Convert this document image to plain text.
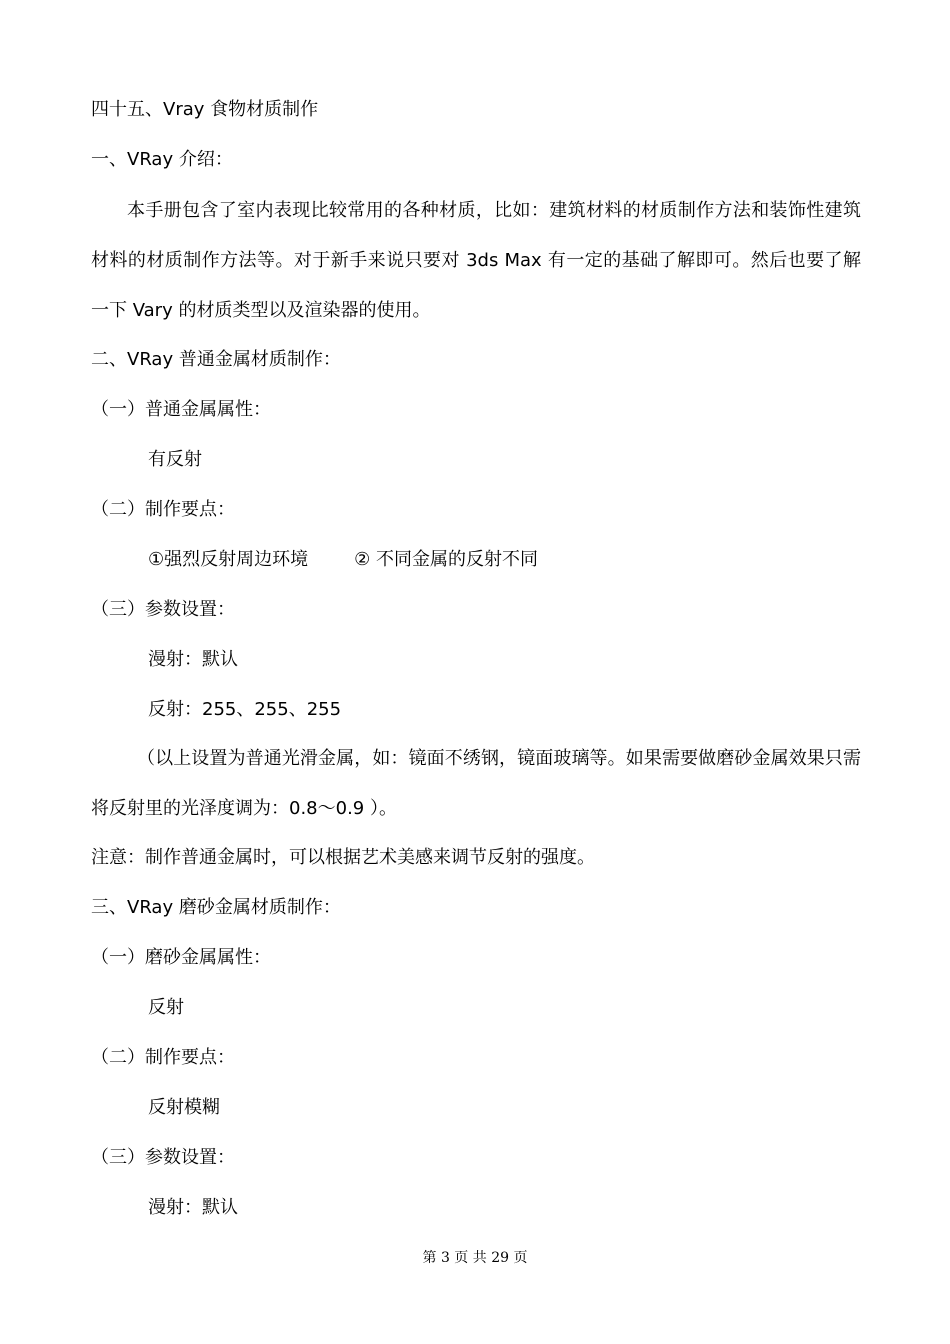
四十五、Vray 食物材质制作

一、VRay 介绍：

本手册包含了室内表现比较常用的各种材质，比如：建筑材料的材质制作方法和装饰性建筑材料的材质制作方法等。对于新手来说只要对 3ds Max 有一定的基础了解即可。然后也要了解一下 Vary 的材质类型以及渲染器的使用。

二、VRay 普通金属材质制作：

（一）普通金属属性：

有反射

（二）制作要点：

①强烈反射周边环境	② 不同金属的反射不同

（三）参数设置：

漫射：默认

反射：255、255、255

（以上设置为普通光滑金属，如：镜面不绣钢，镜面玻璃等。如果需要做磨砂金属效果只需将反射里的光泽度调为：0.8～0.9 ）。

注意：制作普通金属时，可以根据艺术美感来调节反射的强度。

三、VRay 磨砂金属材质制作：

（一）磨砂金属属性：

反射

（二）制作要点：

反射模糊

（三）参数设置：

漫射：默认

第 3 页 共 29 页
